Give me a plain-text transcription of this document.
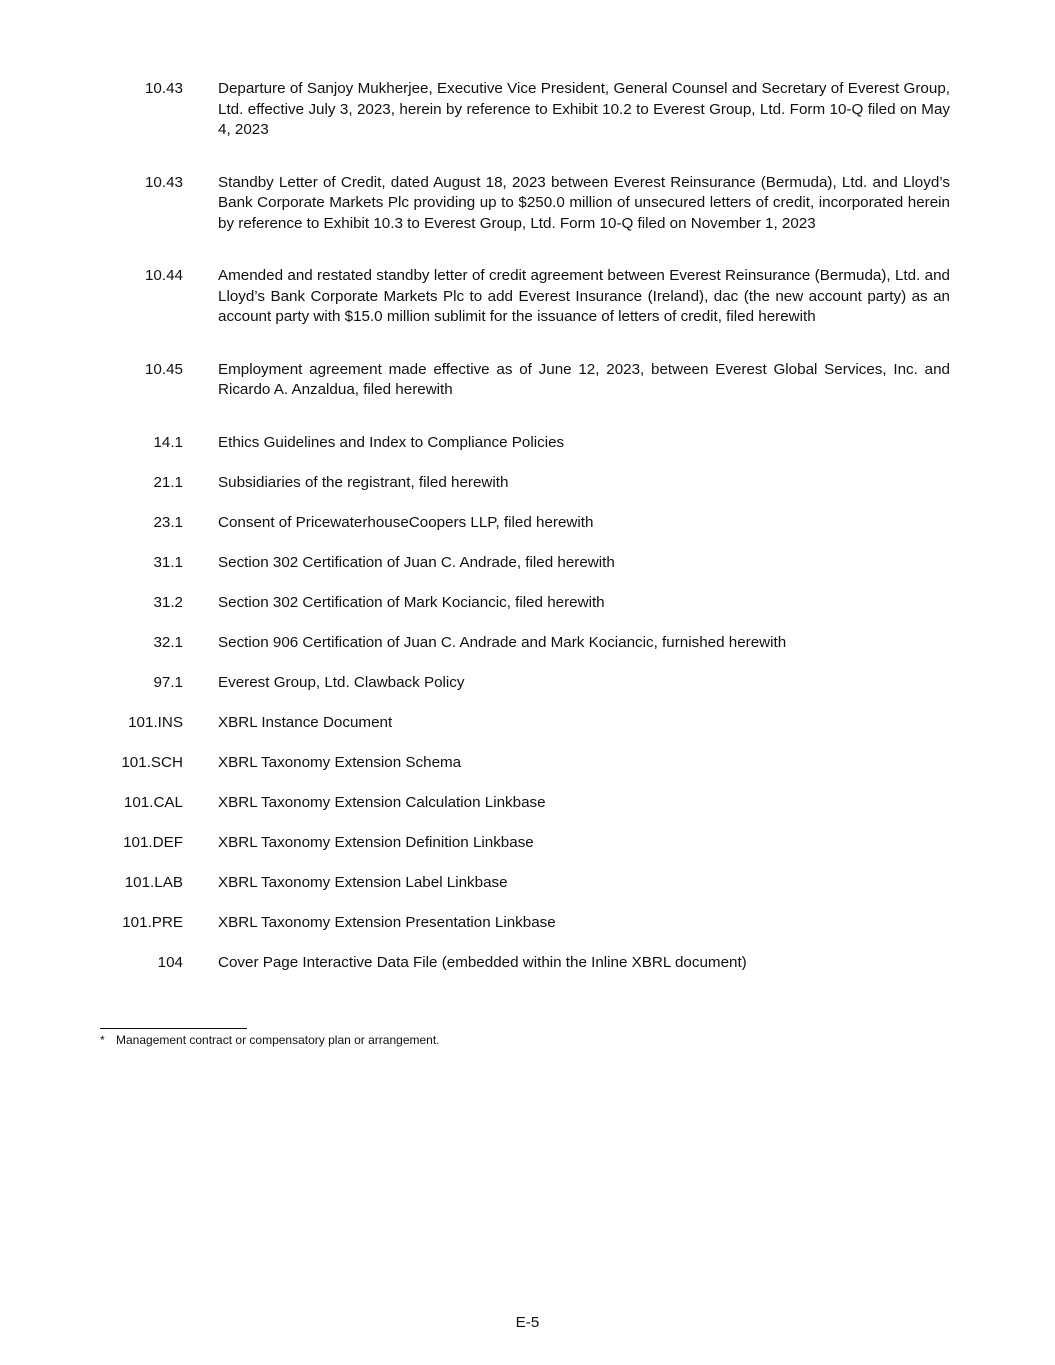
10.43 Departure of Sanjoy Mukherjee, Executive Vice President, General Counsel and Secretary of Everest Group, Ltd. effective July 3, 2023, herein by reference to Exhibit 10.2 to Everest Group, Ltd. Form 10-Q filed on May 4, 2023
10.43 Standby Letter of Credit, dated August 18, 2023 between Everest Reinsurance (Bermuda), Ltd. and Lloyd’s Bank Corporate Markets Plc providing up to $250.0 million of unsecured letters of credit, incorporated herein by reference to Exhibit 10.3 to Everest Group, Ltd. Form 10-Q filed on November 1, 2023
10.44 Amended and restated standby letter of credit agreement between Everest Reinsurance (Bermuda), Ltd. and Lloyd’s Bank Corporate Markets Plc to add Everest Insurance (Ireland), dac (the new account party) as an account party with $15.0 million sublimit for the issuance of letters of credit, filed herewith
10.45 Employment agreement made effective as of June 12, 2023, between Everest Global Services, Inc. and Ricardo A. Anzaldua, filed herewith
14.1 Ethics Guidelines and Index to Compliance Policies
21.1 Subsidiaries of the registrant, filed herewith
23.1 Consent of PricewaterhouseCoopers LLP, filed herewith
31.1 Section 302 Certification of Juan C. Andrade, filed herewith
31.2 Section 302 Certification of Mark Kociancic, filed herewith
32.1 Section 906 Certification of Juan C. Andrade and Mark Kociancic, furnished herewith
97.1 Everest Group, Ltd. Clawback Policy
101.INS XBRL Instance Document
101.SCH XBRL Taxonomy Extension Schema
101.CAL XBRL Taxonomy Extension Calculation Linkbase
101.DEF XBRL Taxonomy Extension Definition Linkbase
101.LAB XBRL Taxonomy Extension Label Linkbase
101.PRE XBRL Taxonomy Extension Presentation Linkbase
104 Cover Page Interactive Data File (embedded within the Inline XBRL document)
* Management contract or compensatory plan or arrangement.
E-5
